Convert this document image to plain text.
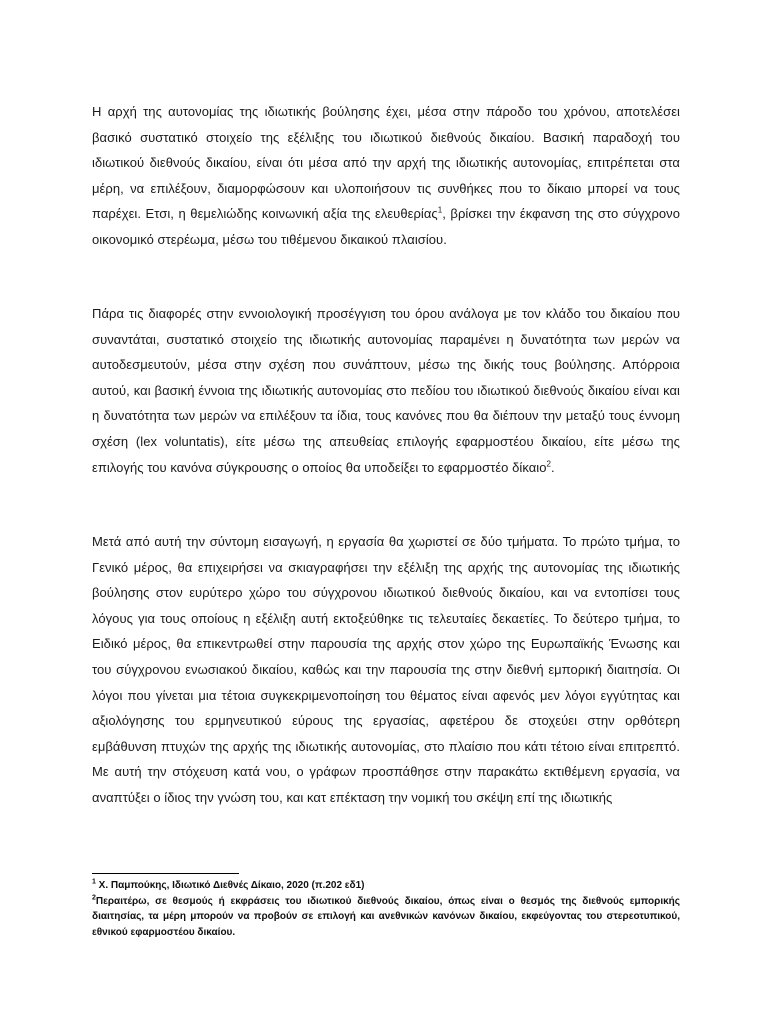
Η αρχή της αυτονομίας της ιδιωτικής βούλησης έχει, μέσα στην πάροδο του χρόνου, αποτελέσει βασικό συστατικό στοιχείο της εξέλιξης του ιδιωτικού διεθνούς δικαίου. Βασική παραδοχή του ιδιωτικού διεθνούς δικαίου, είναι ότι μέσα από την αρχή της ιδιωτικής αυτονομίας, επιτρέπεται στα μέρη, να επιλέξουν, διαμορφώσουν και υλοποιήσουν τις συνθήκες που το δίκαιο μπορεί να τους παρέχει. Ετσι, η θεμελιώδης κοινωνική αξία της ελευθερίας$^1$, βρίσκει την έκφανση της στο σύγχρονο οικονομικό στερέωμα, μέσω του τιθέμενου δικαικού πλαισίου.

Πάρα τις διαφορές στην εννοιολογική προσέγγιση του όρου ανάλογα με τον κλάδο του δικαίου που συναντάται, συστατικό στοιχείο της ιδιωτικής αυτονομίας παραμένει η δυνατότητα των μερών να αυτοδεσμευτούν, μέσα στην σχέση που συνάπτουν, μέσω της δικής τους βούλησης. Απόρροια αυτού, και βασική έννοια της ιδιωτικής αυτονομίας στο πεδίου του ιδιωτικού διεθνούς δικαίου είναι και η δυνατότητα των μερών να επιλέξουν τα ίδια, τους κανόνες που θα διέπουν την μεταξύ τους έννομη σχέση (lex voluntatis), είτε μέσω της απευθείας επιλογής εφαρμοστέου δικαίου, είτε μέσω της επιλογής του κανόνα σύγκρουσης ο οποίος θα υποδείξει το εφαρμοστέο δίκαιο$^2$.

Μετά από αυτή την σύντομη εισαγωγή, η εργασία θα χωριστεί σε δύο τμήματα. Το πρώτο τμήμα, το Γενικό μέρος, θα επιχειρήσει να σκιαγραφήσει την εξέλιξη της αρχής της αυτονομίας της ιδιωτικής βούλησης στον ευρύτερο χώρο του σύγχρονου ιδιωτικού διεθνούς δικαίου, και να εντοπίσει τους λόγους για τους οποίους η εξέλιξη αυτή εκτοξεύθηκε τις τελευταίες δεκαετίες. Το δεύτερο τμήμα, το Ειδικό μέρος, θα επικεντρωθεί στην παρουσία της αρχής στον χώρο της Ευρωπαϊκής Ένωσης και του σύγχρονου ενωσιακού δικαίου, καθώς και την παρουσία της στην διεθνή εμπορική διαιτησία. Οι λόγοι που γίνεται μια τέτοια συγκεκριμενοποίηση του θέματος είναι αφενός μεν λόγοι εγγύτητας και αξιολόγησης του ερμηνευτικού εύρους της εργασίας, αφετέρου δε στοχεύει στην ορθότερη εμβάθυνση πτυχών της αρχής της ιδιωτικής αυτονομίας, στο πλαίσιο που κάτι τέτοιο είναι επιτρεπτό. Με αυτή την στόχευση κατά νου, ο γράφων προσπάθησε στην παρακάτω εκτιθέμενη εργασία, να αναπτύξει ο ίδιος την γνώση του, και κατ επέκταση την νομική του σκέψη επί της ιδιωτικής

$^1$ Χ. Παμπούκης, Ιδιωτικό Διεθνές Δίκαιο, 2020 (π.202 εδ1)

$^2$Περαιτέρω, σε θεσμούς ή εκφράσεις του ιδιωτικού διεθνούς δικαίου, όπως είναι ο θεσμός της διεθνούς εμπορικής διαιτησίας, τα μέρη μπορούν να προβούν σε επιλογή και ανεθνικών κανόνων δικαίου, εκφεύγοντας του στερεοτυπικού, εθνικού εφαρμοστέου δικαίου.
